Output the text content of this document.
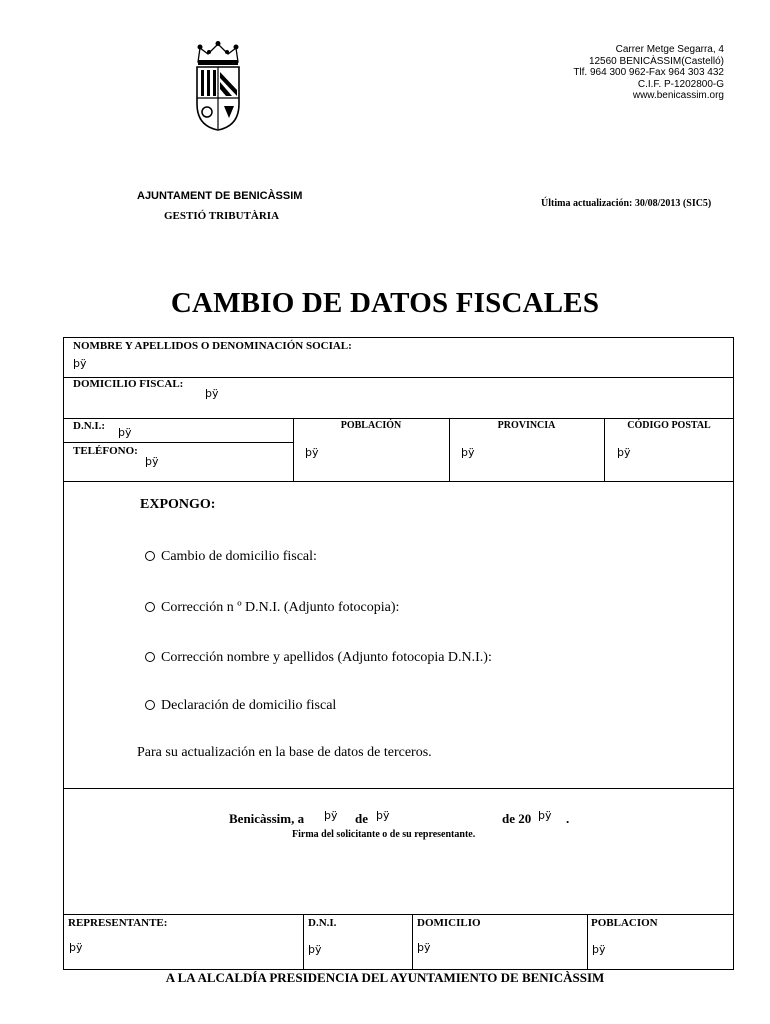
Carrer Metge Segarra, 4
12560 BENICÀSSIM(Castelló)
Tlf. 964 300 962-Fax 964 303 432
C.I.F. P-1202800-G
www.benicassim.org
AJUNTAMENT DE BENICÀSSIM
GESTIÓ TRIBUTÀRIA
Última actualización: 30/08/2013 (SIC5)
CAMBIO DE DATOS FISCALES
NOMBRE Y APELLIDOS O DENOMINACIÓN SOCIAL:
þÿ
DOMICILIO FISCAL:
þÿ
D.N.I.: þÿ
TELÉFONO:
þÿ
POBLACIÓN
þÿ
PROVINCIA
þÿ
CÓDIGO POSTAL
þÿ
EXPONGO:
Cambio de domicilio fiscal:
Corrección n º D.N.I. (Adjunto fotocopia):
Corrección nombre y apellidos (Adjunto fotocopia D.N.I.):
Declaración de domicilio fiscal
Para su actualización en la base de datos de terceros.
Benicàssim, a þÿ de þÿ	de 20 þÿ .
Firma del solicitante o de su representante.
REPRESENTANTE:
þÿ
D.N.I.
þÿ
DOMICILIO
þÿ
POBLACION
þÿ
A LA ALCALDÍA PRESIDENCIA DEL AYUNTAMIENTO DE BENICÀSSIM
